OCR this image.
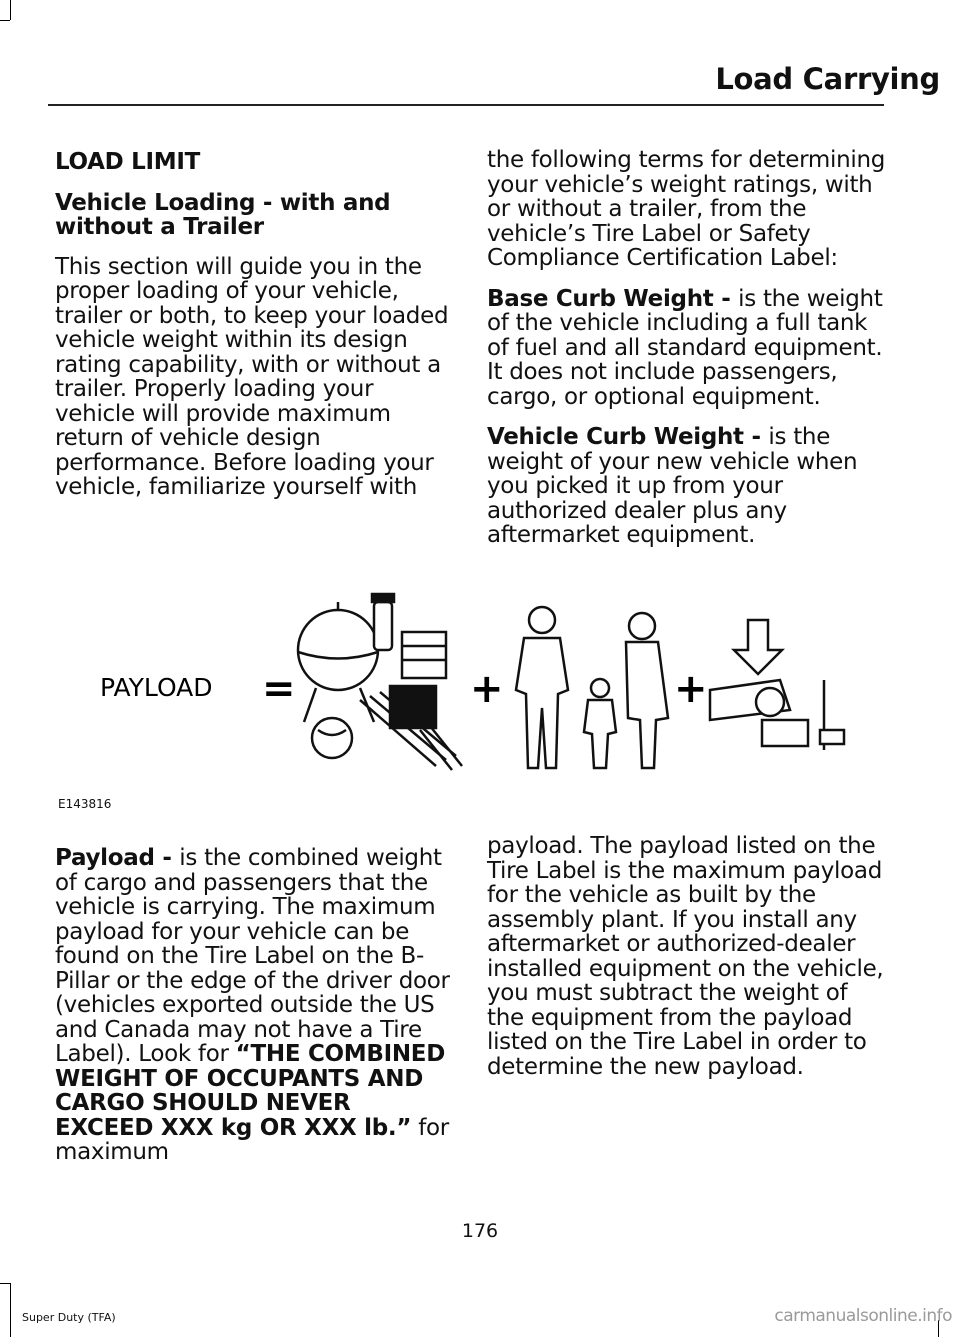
Load Carrying

LOAD LIMIT

Vehicle Loading - with and without a Trailer

This section will guide you in the proper loading of your vehicle, trailer or both, to keep your loaded vehicle weight within its design rating capability, with or without a trailer. Properly loading your vehicle will provide maximum return of vehicle design performance. Before loading your vehicle, familiarize yourself with

the following terms for determining your vehicle’s weight ratings, with or without a trailer, from the vehicle’s Tire Label or Safety Compliance Certification Label:

Base Curb Weight - is the weight of the vehicle including a full tank of fuel and all standard equipment. It does not include passengers, cargo, or optional equipment.

Vehicle Curb Weight - is the weight of your new vehicle when you picked it up from your authorized dealer plus any aftermarket equipment.

PAYLOAD =	+	+
E143816

Payload - is the combined weight of cargo and passengers that the vehicle is carrying. The maximum payload for your vehicle can be found on the Tire Label on the B-Pillar or the edge of the driver door (vehicles exported outside the US and Canada may not have a Tire Label). Look for “THE COMBINED WEIGHT OF OCCUPANTS AND CARGO SHOULD NEVER EXCEED XXX kg OR XXX lb.” for maximum

payload. The payload listed on the Tire Label is the maximum payload for the vehicle as built by the assembly plant. If you install any aftermarket or authorized-dealer installed equipment on the vehicle, you must subtract the weight of the equipment from the payload listed on the Tire Label in order to determine the new payload.

176
Super Duty (TFA)	carmanualsonline.info
